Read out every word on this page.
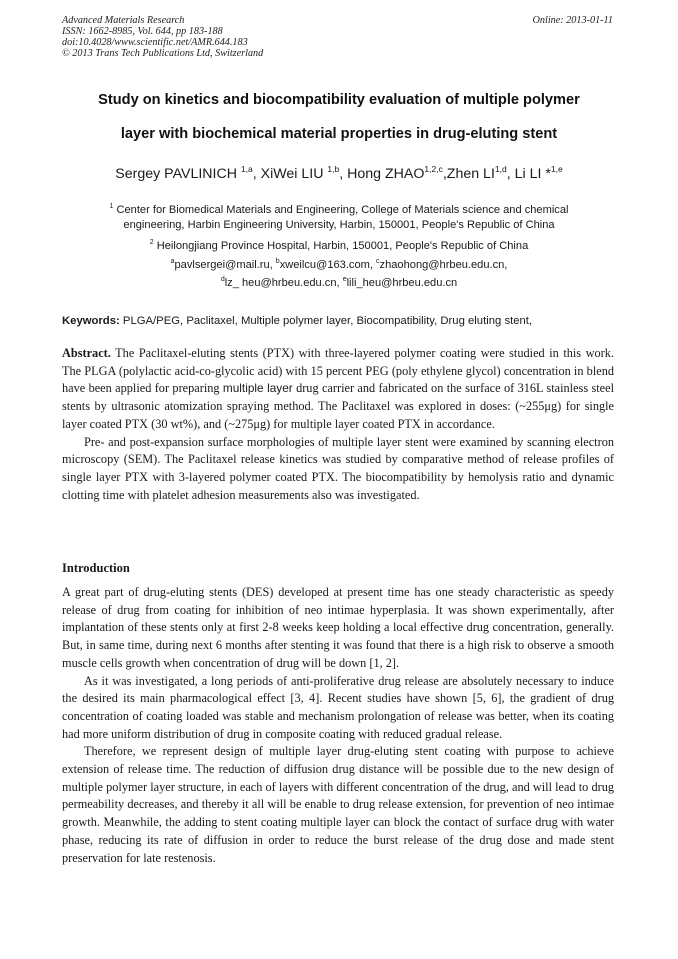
Advanced Materials Research
ISSN: 1662-8985, Vol. 644, pp 183-188
doi:10.4028/www.scientific.net/AMR.644.183
© 2013 Trans Tech Publications Ltd, Switzerland
Online: 2013-01-11
Study on kinetics and biocompatibility evaluation of multiple polymer
layer with biochemical material properties in drug-eluting stent
Sergey PAVLINICH $^{1,a}$, XiWei LIU $^{1,b}$, Hong ZHAO$^{1,2,c}$,Zhen LI$^{1,d}$, Li LI *$^{1,e}$
$^1$ Center for Biomedical Materials and Engineering, College of Materials science and chemical
engineering, Harbin Engineering University, Harbin, 150001, People's Republic of China
$^2$ Heilongjiang Province Hospital, Harbin, 150001, People's Republic of China
$^a$pavlsergei@mail.ru, $^b$xweilcu@163.com, $^c$zhaohong@hrbeu.edu.cn,
$^d$lz_ heu@hrbeu.edu.cn, $^e$lili_heu@hrbeu.edu.cn
Keywords: PLGA/PEG, Paclitaxel, Multiple polymer layer, Biocompatibility, Drug eluting stent,

Abstract. The Paclitaxel-eluting stents (PTX) with three-layered polymer coating were studied in this work. The PLGA (polylactic acid-co-glycolic acid) with 15 percent PEG (poly ethylene glycol) concentration in blend have been applied for preparing multiple layer drug carrier and fabricated on the surface of 316L stainless steel stents by ultrasonic atomization spraying method. The Paclitaxel was explored in doses: (~255μg) for single layer coated PTX (30 wt%), and (~275μg) for multiple layer coated PTX in accordance.

Pre- and post-expansion surface morphologies of multiple layer stent were examined by scanning electron microscopy (SEM). The Paclitaxel release kinetics was studied by comparative method of release profiles of single layer PTX with 3-layered polymer coated PTX. The biocompatibility by hemolysis ratio and dynamic clotting time with platelet adhesion measurements also was investigated.

Introduction

A great part of drug-eluting stents (DES) developed at present time has one steady characteristic as speedy release of drug from coating for inhibition of neo intimae hyperplasia. It was shown experimentally, after implantation of these stents only at first 2-8 weeks keep holding a local effective drug concentration, generally. But, in same time, during next 6 months after stenting it was found that there is a high risk to observe a smooth muscle cells growth when concentration of drug will be down [1, 2].

As it was investigated, a long periods of anti-proliferative drug release are absolutely necessary to induce the desired its main pharmacological effect [3, 4]. Recent studies have shown [5, 6], the gradient of drug concentration of coating loaded was stable and mechanism prolongation of release was better, when its coating had more uniform distribution of drug in composite coating with reduced gradual release.

Therefore, we represent design of multiple layer drug-eluting stent coating with purpose to achieve extension of release time. The reduction of diffusion drug distance will be possible due to the new design of multiple polymer layer structure, in each of layers with different concentration of the drug, and will lead to drug permeability decreases, and thereby it all will be enable to drug release extension, for prevention of neo intimae growth. Meanwhile, the adding to stent coating multiple layer can block the contact of surface drug with water phase, reducing its rate of diffusion in order to reduce the burst release of the drug dose and made stent preservation for late restenosis.
